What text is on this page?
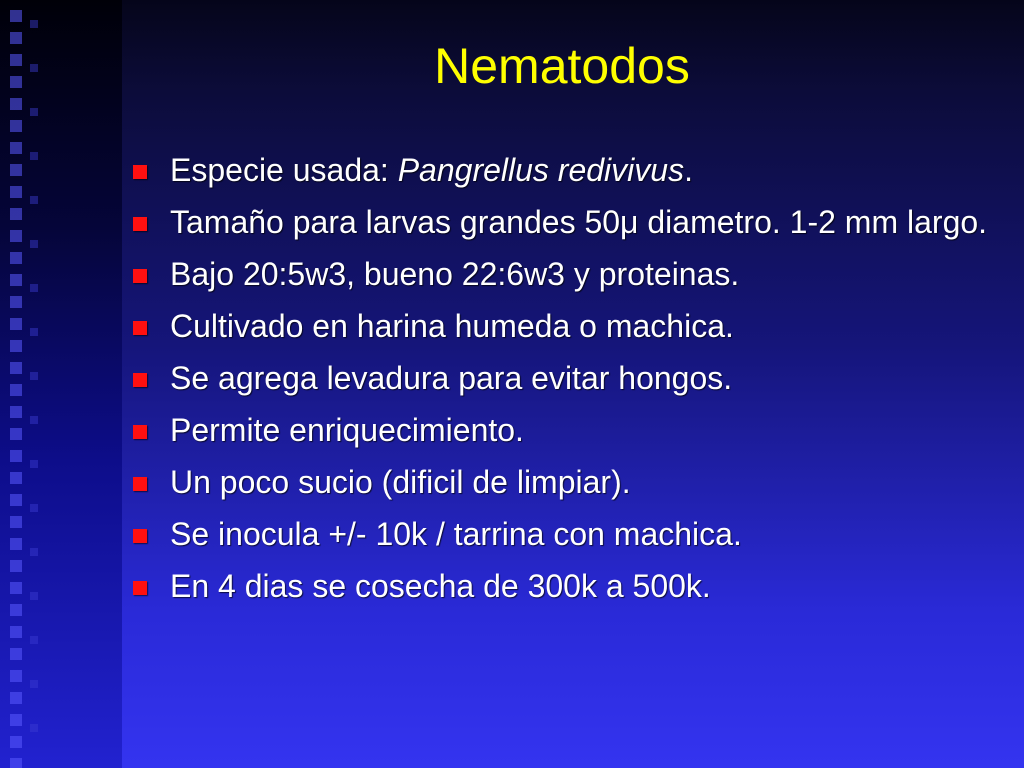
Nematodos
Especie usada: Pangrellus redivivus.
Tamaño para larvas grandes 50μ diametro. 1-2 mm largo.
Bajo 20:5w3, bueno 22:6w3 y proteinas.
Cultivado en harina humeda o machica.
Se agrega levadura para evitar hongos.
Permite enriquecimiento.
Un poco sucio (dificil de limpiar).
Se inocula +/- 10k / tarrina con machica.
En 4 dias se cosecha de 300k a 500k.
